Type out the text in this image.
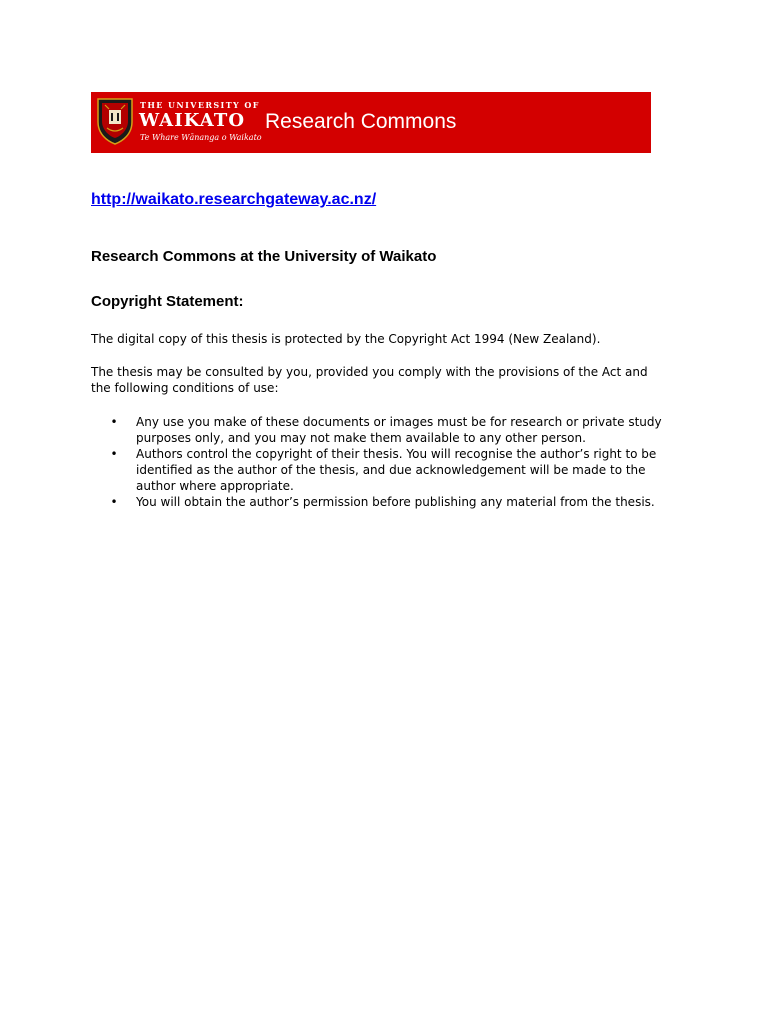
THE UNIVERSITY OF
WAIKATO
Te Whare Wānanga o Waikato
Research Commons
http://waikato.researchgateway.ac.nz/
Research Commons at the University of Waikato
Copyright Statement:
The digital copy of this thesis is protected by the Copyright Act 1994 (New Zealand).
The thesis may be consulted by you, provided you comply with the provisions of the Act and the following conditions of use:
• Any use you make of these documents or images must be for research or private study purposes only, and you may not make them available to any other person.
• Authors control the copyright of their thesis. You will recognise the author’s right to be identified as the author of the thesis, and due acknowledgement will be made to the author where appropriate.
• You will obtain the author’s permission before publishing any material from the thesis.
